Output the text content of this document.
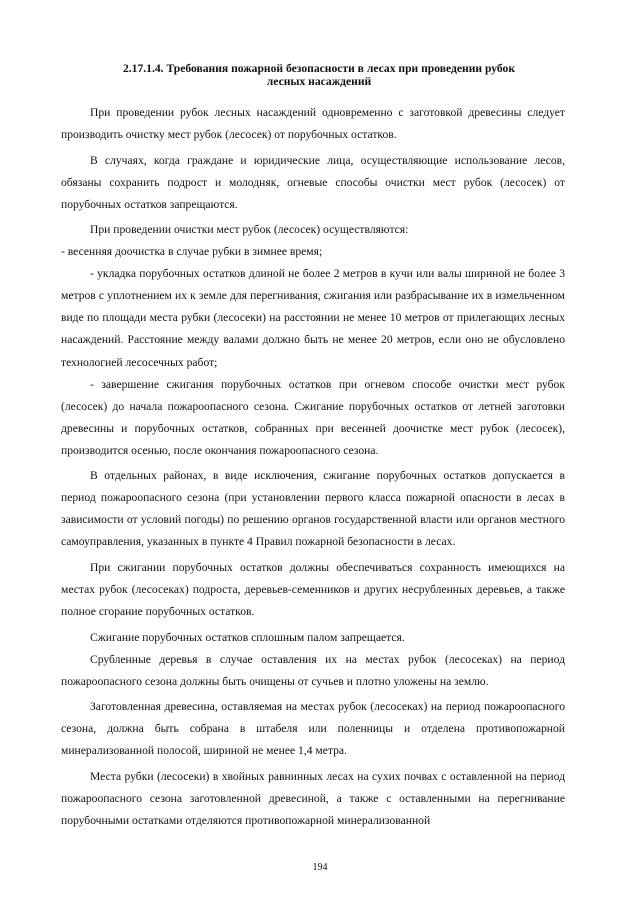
2.17.1.4. Требования пожарной безопасности в лесах при проведении рубок
лесных насаждений

При проведении рубок лесных насаждений одновременно с заготовкой древесины следует производить очистку мест рубок (лесосек) от порубочных остатков.

В случаях, когда граждане и юридические лица, осуществляющие использование лесов, обязаны сохранить подрост и молодняк, огневые способы очистки мест рубок (лесосек) от порубочных остатков запрещаются.

При проведении очистки мест рубок (лесосек) осуществляются:

- весенняя доочистка в случае рубки в зимнее время;

- укладка порубочных остатков длиной не более 2 метров в кучи или валы шириной не более 3 метров с уплотнением их к земле для перегнивания, сжигания или разбрасывание их в измельченном виде по площади места рубки (лесосеки) на расстоянии не менее 10 метров от прилегающих лесных насаждений. Расстояние между валами должно быть не менее 20 метров, если оно не обусловлено технологией лесосечных работ;

- завершение сжигания порубочных остатков при огневом способе очистки мест рубок (лесосек) до начала пожароопасного сезона. Сжигание порубочных остатков от летней заготовки древесины и порубочных остатков, собранных при весенней доочистке мест рубок (лесосек), производится осенью, после окончания пожароопасного сезона.

В отдельных районах, в виде исключения, сжигание порубочных остатков допускается в период пожароопасного сезона (при установлении первого класса пожарной опасности в лесах в зависимости от условий погоды) по решению органов государственной власти или органов местного самоуправления, указанных в пункте 4 Правил пожарной безопасности в лесах.

При сжигании порубочных остатков должны обеспечиваться сохранность имеющихся на местах рубок (лесосеках) подроста, деревьев-семенников и других несрубленных деревьев, а также полное сгорание порубочных остатков.

Сжигание порубочных остатков сплошным палом запрещается.

Срубленные деревья в случае оставления их на местах рубок (лесосеках) на период пожароопасного сезона должны быть очищены от сучьев и плотно уложены на землю.

Заготовленная древесина, оставляемая на местах рубок (лесосеках) на период пожароопасного сезона, должна быть собрана в штабеля или поленницы и отделена противопожарной минерализованной полосой, шириной не менее 1,4 метра.

Места рубки (лесосеки) в хвойных равнинных лесах на сухих почвах с оставленной на период пожароопасного сезона заготовленной древесиной, а также с оставленными на перегнивание порубочными остатками отделяются противопожарной минерализованной

194
